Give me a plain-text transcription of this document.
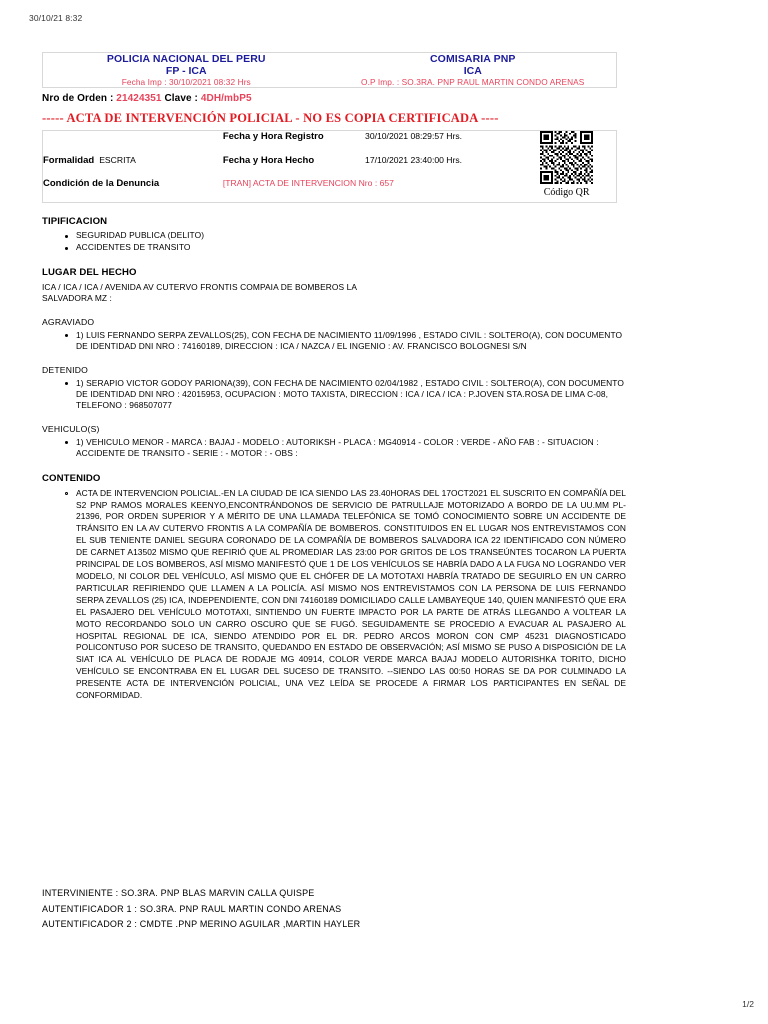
30/10/21 8:32
1/2
POLICIA NACIONAL DEL PERU	COMISARIA PNP
FP - ICA	ICA
Fecha Imp : 30/10/2021 08:32 Hrs	O.P Imp. : SO.3RA. PNP RAUL MARTIN CONDO ARENAS
Nro de Orden : 21424351 Clave : 4DH/mbP5
----- ACTA DE INTERVENCIÓN POLICIAL - NO ES COPIA CERTIFICADA ----
	Fecha y Hora Registro	30/10/2021 08:29:57 Hrs.	Código QR

Formalidad ESCRITA	Fecha y Hora Hecho	17/10/2021 23:40:00 Hrs.	
Condición de la Denuncia	[TRAN] ACTA DE INTERVENCION Nro : 657		
TIPIFICACION
SEGURIDAD PUBLICA (DELITO)
ACCIDENTES DE TRANSITO
LUGAR DEL HECHO
ICA / ICA / ICA / AVENIDA AV CUTERVO FRONTIS COMPAIA DE BOMBEROS LA
SALVADORA MZ :
AGRAVIADO
1) LUIS FERNANDO SERPA ZEVALLOS(25), CON FECHA DE NACIMIENTO 11/09/1996 , ESTADO CIVIL : SOLTERO(A), CON DOCUMENTO DE IDENTIDAD DNI NRO : 74160189, DIRECCION : ICA / NAZCA / EL INGENIO : AV. FRANCISCO BOLOGNESI S/N
DETENIDO
1) SERAPIO VICTOR GODOY PARIONA(39), CON FECHA DE NACIMIENTO 02/04/1982 , ESTADO CIVIL : SOLTERO(A), CON DOCUMENTO DE IDENTIDAD DNI NRO : 42015953, OCUPACION : MOTO TAXISTA, DIRECCION : ICA / ICA / ICA : P.JOVEN STA.ROSA DE LIMA C-08, TELEFONO : 968507077
VEHICULO(S)
1) VEHICULO MENOR - MARCA : BAJAJ - MODELO : AUTORIKSH - PLACA : MG40914 - COLOR : VERDE - AÑO FAB : - SITUACION : ACCIDENTE DE TRANSITO - SERIE : - MOTOR : - OBS :
CONTENIDO
ACTA DE INTERVENCION POLICIAL.-EN LA CIUDAD DE ICA SIENDO LAS 23.40HORAS DEL 17OCT2021 EL SUSCRITO EN COMPAÑÍA DEL S2 PNP RAMOS MORALES KEENYO,ENCONTRÁNDONOS DE SERVICIO DE PATRULLAJE MOTORIZADO A BORDO DE LA UU.MM PL-21396, POR ORDEN SUPERIOR Y A MÉRITO DE UNA LLAMADA TELEFÓNICA SE TOMÓ CONOCIMIENTO SOBRE UN ACCIDENTE DE TRÁNSITO EN LA AV CUTERVO FRONTIS A LA COMPAÑÍA DE BOMBEROS. CONSTITUIDOS EN EL LUGAR NOS ENTREVISTAMOS CON EL SUB TENIENTE DANIEL SEGURA CORONADO DE LA COMPAÑÍA DE BOMBEROS SALVADORA ICA 22 IDENTIFICADO CON NÚMERO DE CARNET A13502 MISMO QUE REFIRIÓ QUE AL PROMEDIAR LAS 23:00 POR GRITOS DE LOS TRANSEÚNTES TOCARON LA PUERTA PRINCIPAL DE LOS BOMBEROS, ASÍ MISMO MANIFESTÓ QUE 1 DE LOS VEHÍCULOS SE HABRÍA DADO A LA FUGA NO LOGRANDO VER MODELO, NI COLOR DEL VEHÍCULO, ASÍ MISMO QUE EL CHÓFER DE LA MOTOTAXI HABRÍA TRATADO DE SEGUIRLO EN UN CARRO PARTICULAR REFIRIENDO QUE LLAMEN A LA POLICÍA. ASÍ MISMO NOS ENTREVISTAMOS CON LA PERSONA DE LUIS FERNANDO SERPA ZEVALLOS (25) ICA, INDEPENDIENTE, CON DNI 74160189 DOMICILIADO CALLE LAMBAYEQUE 140, QUIEN MANIFESTÓ QUE ERA EL PASAJERO DEL VEHÍCULO MOTOTAXI, SINTIENDO UN FUERTE IMPACTO POR LA PARTE DE ATRÁS LLEGANDO A VOLTEAR LA MOTO RECORDANDO SOLO UN CARRO OSCURO QUE SE FUGÓ. SEGUIDAMENTE SE PROCEDIO A EVACUAR AL PASAJERO AL HOSPITAL REGIONAL DE ICA, SIENDO ATENDIDO POR EL DR. PEDRO ARCOS MORON CON CMP 45231 DIAGNOSTICADO POLICONTUSO POR SUCESO DE TRANSITO, QUEDANDO EN ESTADO DE OBSERVACIÓN; ASÍ MISMO SE PUSO A DISPOSICIÓN DE LA SIAT ICA AL VEHÍCULO DE PLACA DE RODAJE MG 40914, COLOR VERDE MARCA BAJAJ MODELO AUTORISHKA TORITO, DICHO VEHÍCULO SE ENCONTRABA EN EL LUGAR DEL SUCESO DE TRANSITO. --SIENDO LAS 00:50 HORAS SE DA POR CULMINADO LA PRESENTE ACTA DE INTERVENCIÓN POLICIAL, UNA VEZ LEÍDA SE PROCEDE A FIRMAR LOS PARTICIPANTES EN SEÑAL DE CONFORMIDAD.
INTERVINIENTE : SO.3RA. PNP BLAS MARVIN CALLA QUISPE
AUTENTIFICADOR 1 : SO.3RA. PNP RAUL MARTIN CONDO ARENAS
AUTENTIFICADOR 2 : CMDTE .PNP MERINO AGUILAR ,MARTIN HAYLER
